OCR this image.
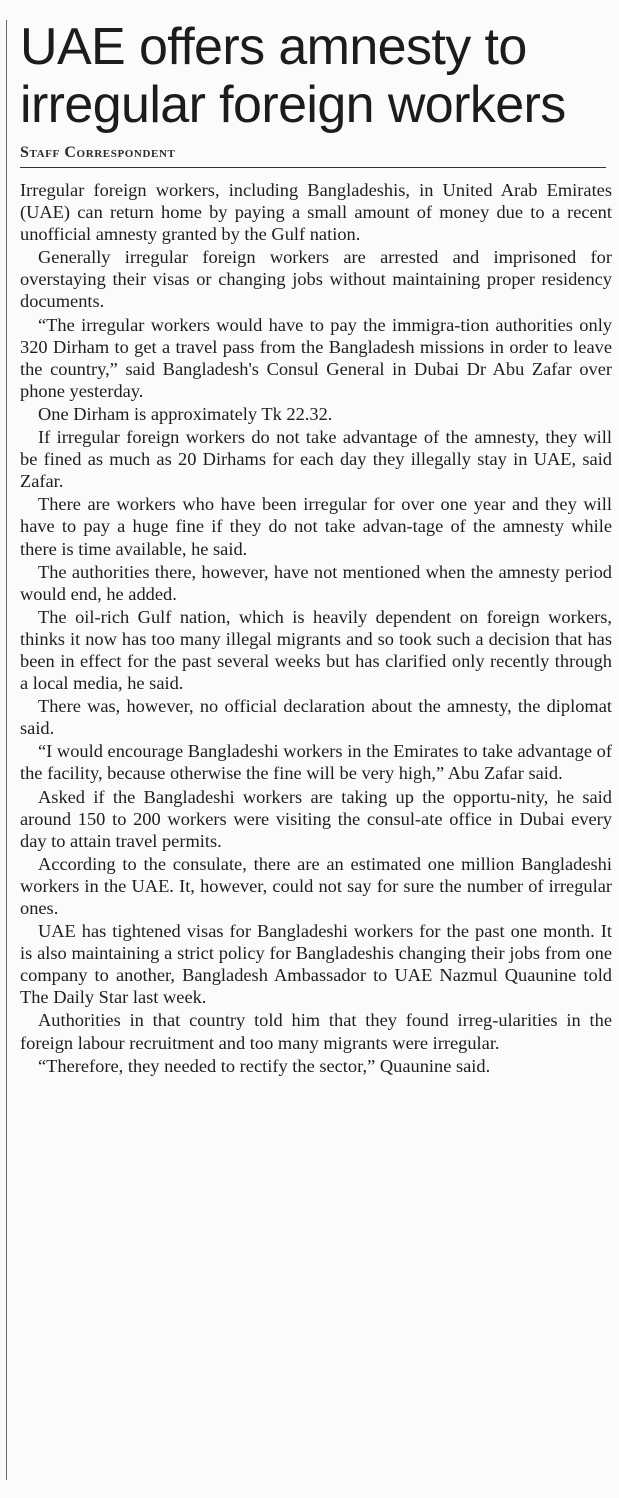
UAE offers amnesty to irregular foreign workers
Staff Correspondent

Irregular foreign workers, including Bangladeshis, in United Arab Emirates (UAE) can return home by paying a small amount of money due to a recent unofficial amnesty granted by the Gulf nation.

Generally irregular foreign workers are arrested and imprisoned for overstaying their visas or changing jobs without maintaining proper residency documents.

“The irregular workers would have to pay the immigra-tion authorities only 320 Dirham to get a travel pass from the Bangladesh missions in order to leave the country,” said Bangladesh's Consul General in Dubai Dr Abu Zafar over phone yesterday.

One Dirham is approximately Tk 22.32.

If irregular foreign workers do not take advantage of the amnesty, they will be fined as much as 20 Dirhams for each day they illegally stay in UAE, said Zafar.

There are workers who have been irregular for over one year and they will have to pay a huge fine if they do not take advan-tage of the amnesty while there is time available, he said.

The authorities there, however, have not mentioned when the amnesty period would end, he added.

The oil-rich Gulf nation, which is heavily dependent on foreign workers, thinks it now has too many illegal migrants and so took such a decision that has been in effect for the past several weeks but has clarified only recently through a local media, he said.

There was, however, no official declaration about the amnesty, the diplomat said.

“I would encourage Bangladeshi workers in the Emirates to take advantage of the facility, because otherwise the fine will be very high,” Abu Zafar said.

Asked if the Bangladeshi workers are taking up the opportu-nity, he said around 150 to 200 workers were visiting the consul-ate office in Dubai every day to attain travel permits.

According to the consulate, there are an estimated one million Bangladeshi workers in the UAE. It, however, could not say for sure the number of irregular ones.

UAE has tightened visas for Bangladeshi workers for the past one month. It is also maintaining a strict policy for Bangladeshis changing their jobs from one company to another, Bangladesh Ambassador to UAE Nazmul Quaunine told The Daily Star last week.

Authorities in that country told him that they found irreg-ularities in the foreign labour recruitment and too many migrants were irregular.

“Therefore, they needed to rectify the sector,” Quaunine said.
